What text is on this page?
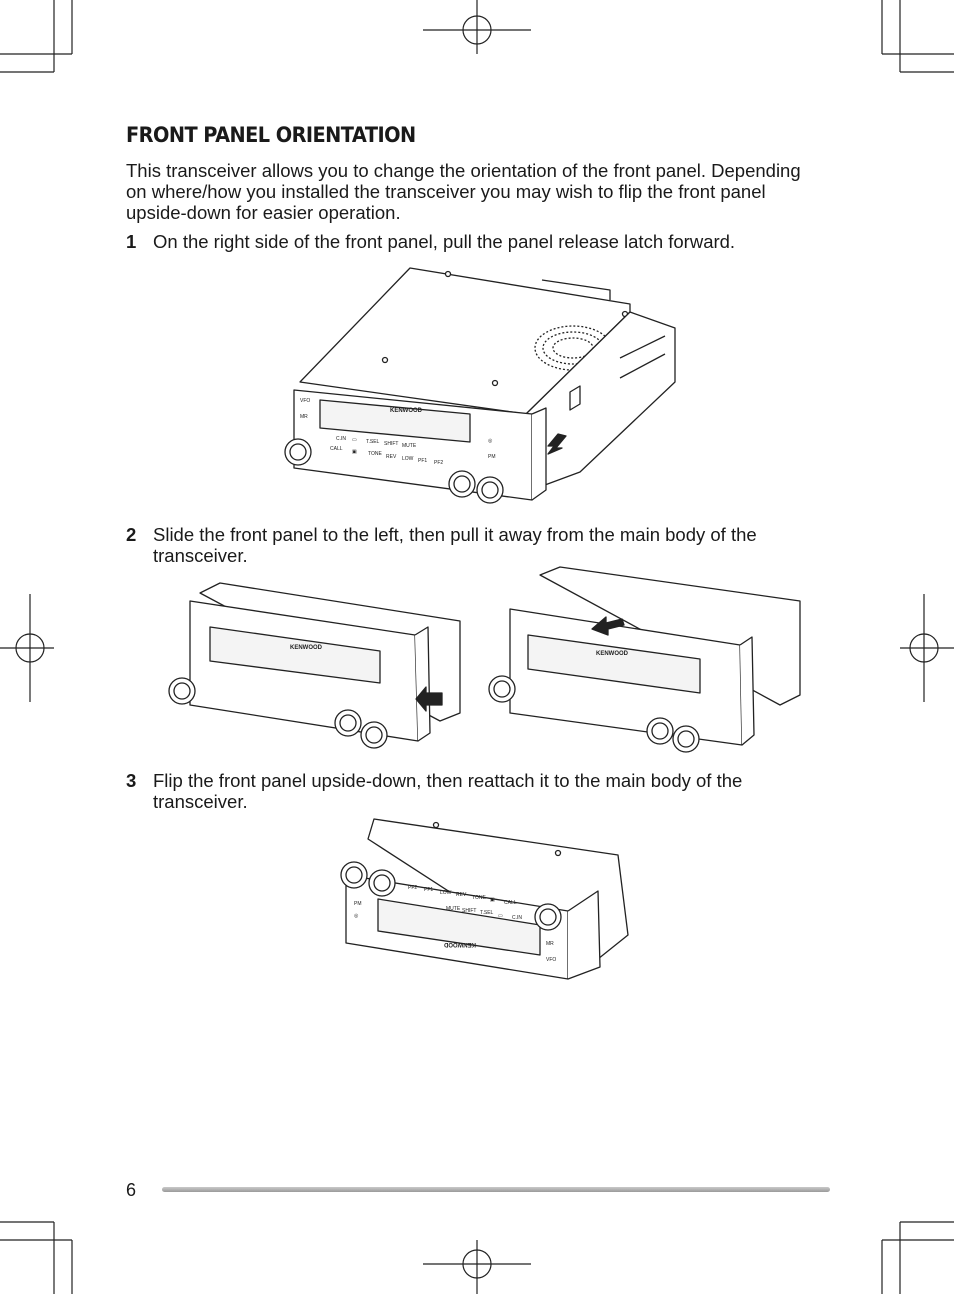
FRONT PANEL ORIENTATION

This transceiver allows you to change the orientation of the front panel. Depending on where/how you installed the transceiver you may wish to flip the front panel upside-down for easier operation.

1 On the right side of the front panel, pull the panel release latch forward.
VFO
MR
◎
PM
KENWOOD
CALL ▣ TONE REV LOW PF1 PF2
C.IN ▭ T.SEL SHIFT MUTE
2 Slide the front panel to the left, then pull it away from the main body of the transceiver.
KENWOOD
KENWOOD
3 Flip the front panel upside-down, then reattach it to the main body of the transceiver.
PF2 PF1 LOW REV TONE ▣ CALL
MUTE SHIFT T.SEL ▭ C.IN
PM
◎
MR
VFO
KENWOOD
6
